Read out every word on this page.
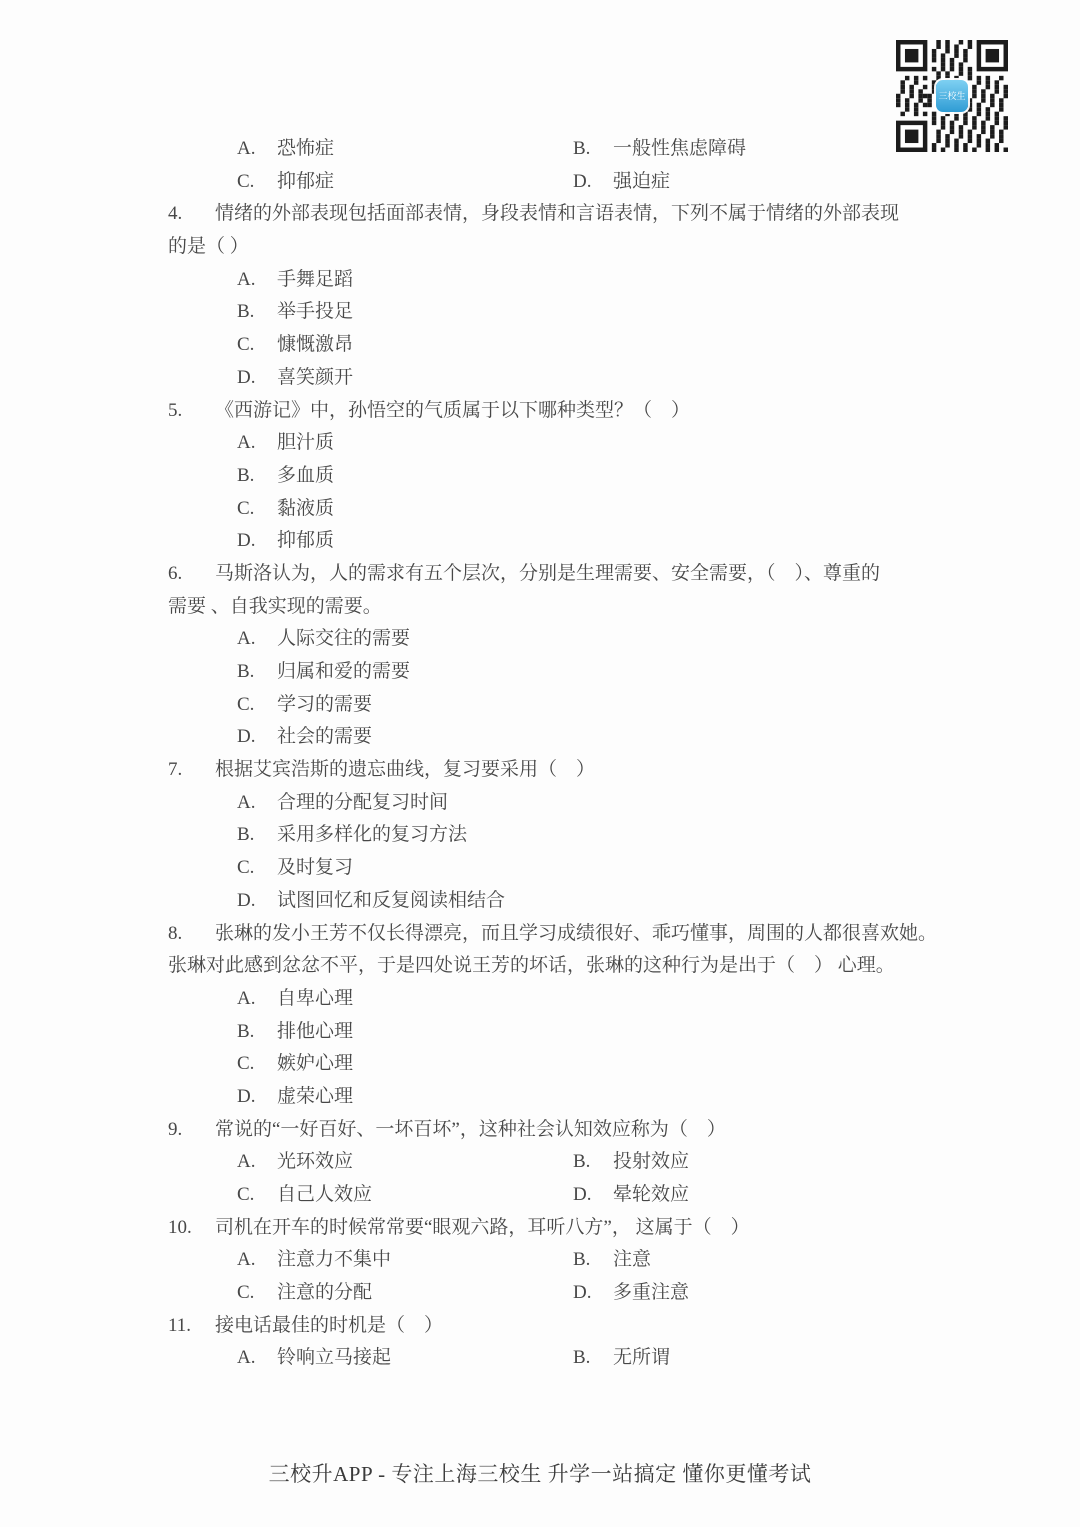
三校生
A. 恐怖症	B. 一般性焦虑障碍
C. 抑郁症	D. 强迫症
4. 情绪的外部表现包括面部表情，身段表情和言语表情，下列不属于情绪的外部表现
的是（ ）
A. 手舞足蹈
B. 举手投足
C. 慷慨激昂
D. 喜笑颜开
5. 《西游记》中，孙悟空的气质属于以下哪种类型？（　）
A. 胆汁质
B. 多血质
C. 黏液质
D. 抑郁质
6. 马斯洛认为，人的需求有五个层次，分别是生理需要、安全需要，（　）、尊重的
需要 、自我实现的需要。
A. 人际交往的需要
B. 归属和爱的需要
C. 学习的需要
D. 社会的需要
7. 根据艾宾浩斯的遗忘曲线，复习要采用（　）
A. 合理的分配复习时间
B. 采用多样化的复习方法
C. 及时复习
D. 试图回忆和反复阅读相结合
8. 张琳的发小王芳不仅长得漂亮，而且学习成绩很好、乖巧懂事，周围的人都很喜欢她。
张琳对此感到忿忿不平，于是四处说王芳的坏话，张琳的这种行为是出于（　） 心理。
A. 自卑心理
B. 排他心理
C. 嫉妒心理
D. 虚荣心理
9. 常说的“一好百好、一坏百坏”，这种社会认知效应称为（　）
A. 光环效应	B. 投射效应
C. 自己人效应	D. 晕轮效应
10. 司机在开车的时候常常要“眼观六路，耳听八方”， 这属于（　）
A. 注意力不集中	B. 注意
C. 注意的分配	D. 多重注意
11. 接电话最佳的时机是（　）
A. 铃响立马接起	B. 无所谓
三校升APP - 专注上海三校生 升学一站搞定 懂你更懂考试
